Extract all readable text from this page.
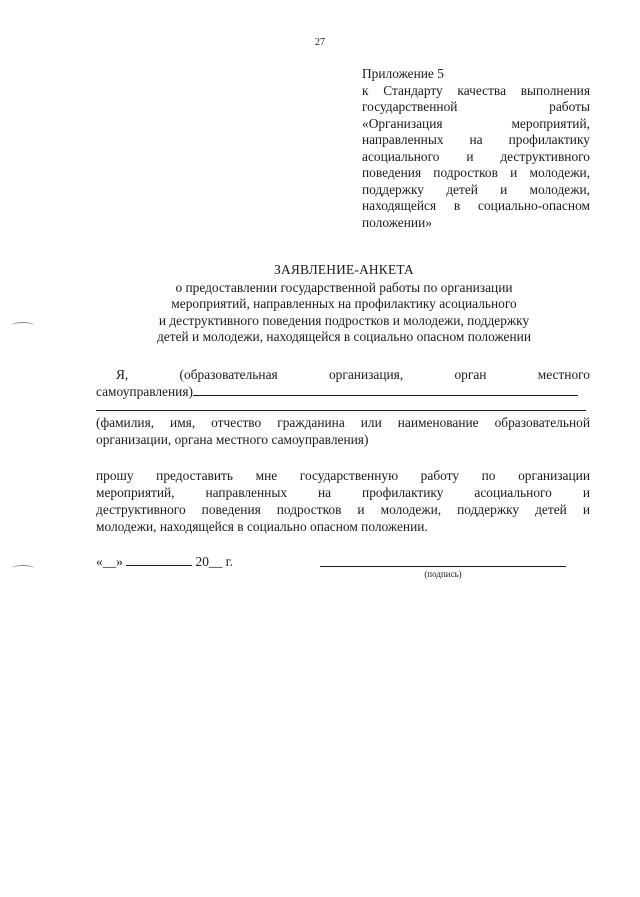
27
Приложение 5
к Стандарту качества выполнения
государственной работы
«Организация мероприятий,
направленных на профилактику
асоциального и деструктивного
поведения подростков и молодежи,
поддержку детей и молодежи,
находящейся в социально-опасном
положении»
ЗАЯВЛЕНИЕ-АНКЕТА
о предоставлении государственной работы по организации
мероприятий, направленных на профилактику асоциального
и деструктивного поведения подростков и молодежи, поддержку
детей и молодежи, находящейся в социально опасном положении
Я, (образовательная организация, орган местного
самоуправления)
(фамилия, имя, отчество гражданина или наименование образовательной
организации, органа местного самоуправления)
прошу предоставить мне государственную работу по организации
мероприятий, направленных на профилактику асоциального и
деструктивного поведения подростков и молодежи, поддержку детей и
молодежи, находящейся в социально опасном положении.
«__»	20__ г.
(подпись)
